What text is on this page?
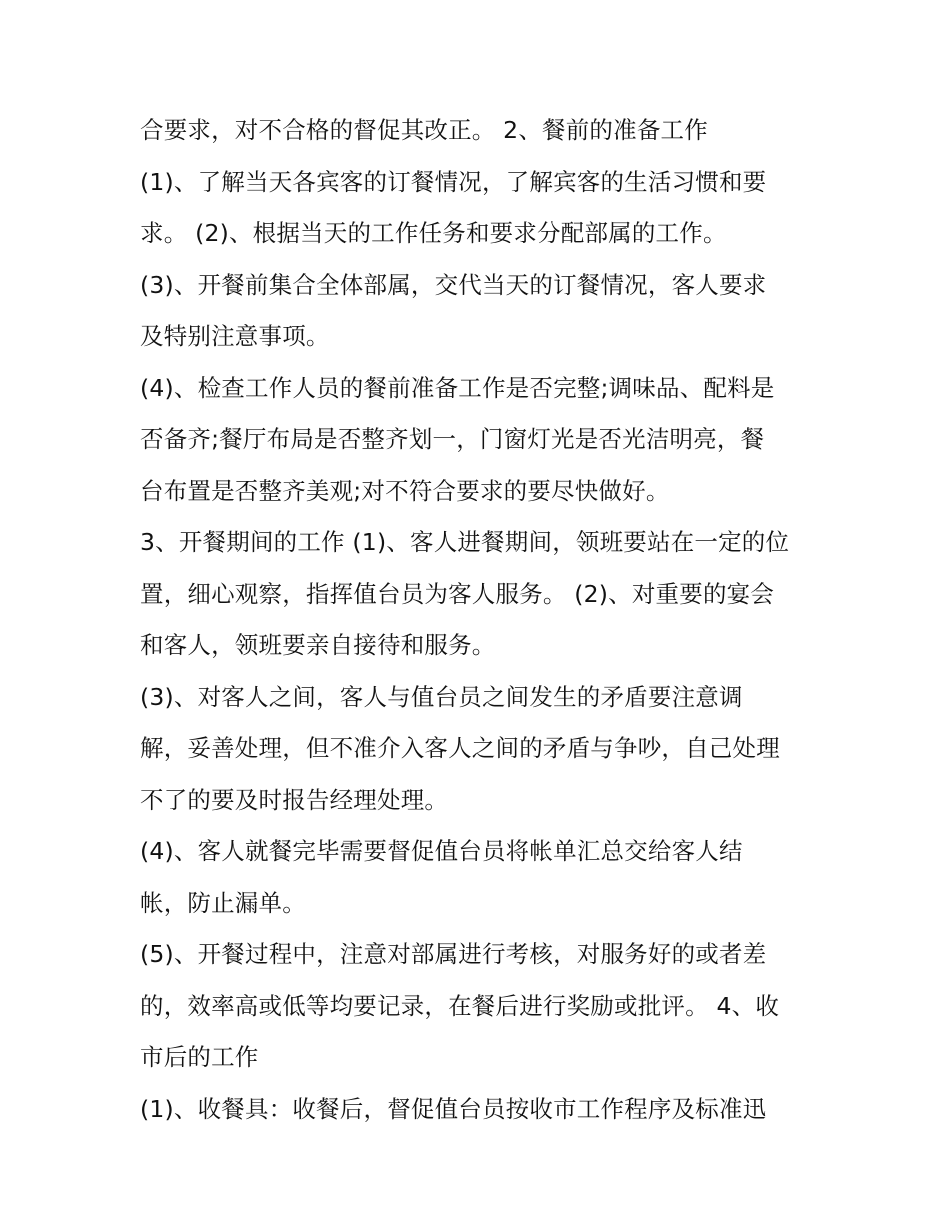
合要求，对不合格的督促其改正。 2、餐前的准备工作
(1)、了解当天各宾客的订餐情况，了解宾客的生活习惯和要
求。 (2)、根据当天的工作任务和要求分配部属的工作。
(3)、开餐前集合全体部属，交代当天的订餐情况，客人要求
及特别注意事项。
(4)、检查工作人员的餐前准备工作是否完整;调味品、配料是
否备齐;餐厅布局是否整齐划一，门窗灯光是否光洁明亮，餐
台布置是否整齐美观;对不符合要求的要尽快做好。
3、开餐期间的工作 (1)、客人进餐期间，领班要站在一定的位
置，细心观察，指挥值台员为客人服务。 (2)、对重要的宴会
和客人，领班要亲自接待和服务。
(3)、对客人之间，客人与值台员之间发生的矛盾要注意调
解，妥善处理，但不准介入客人之间的矛盾与争吵，自己处理
不了的要及时报告经理处理。
(4)、客人就餐完毕需要督促值台员将帐单汇总交给客人结
帐，防止漏单。
(5)、开餐过程中，注意对部属进行考核，对服务好的或者差
的，效率高或低等均要记录，在餐后进行奖励或批评。 4、收
市后的工作
(1)、收餐具：收餐后，督促值台员按收市工作程序及标准迅
